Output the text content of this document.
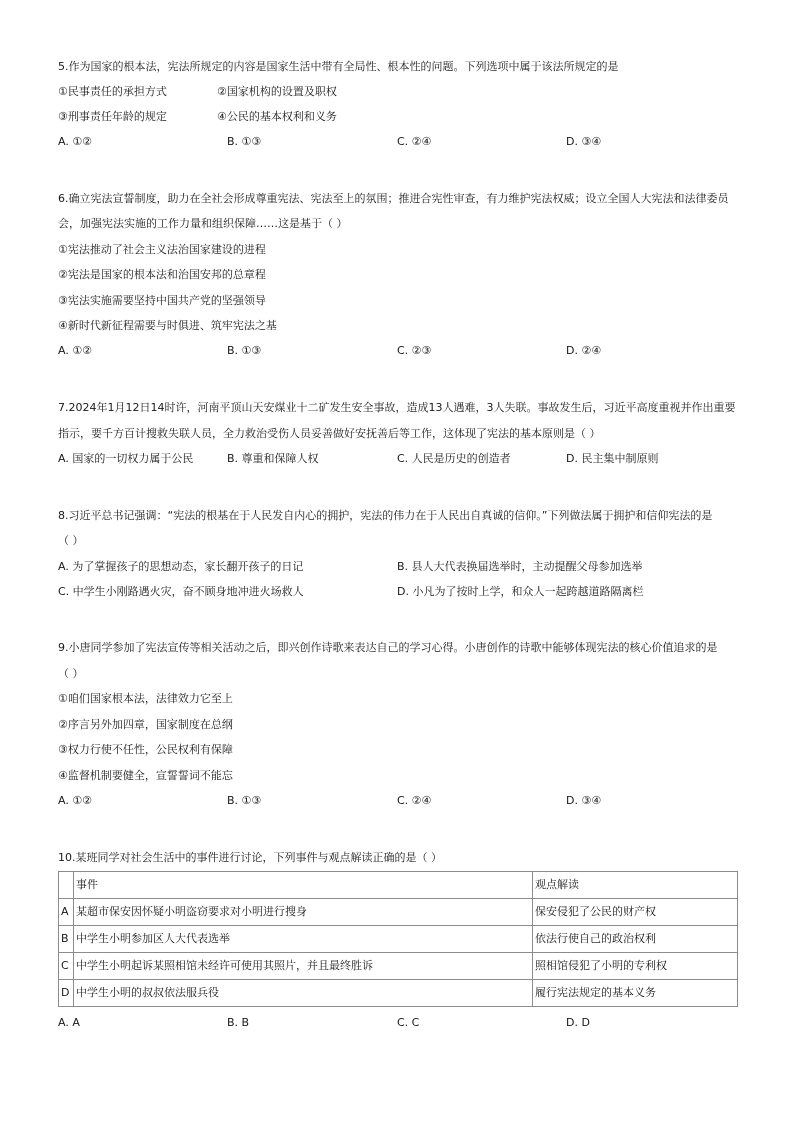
5.作为国家的根本法，宪法所规定的内容是国家生活中带有全局性、根本性的问题。下列选项中属于该法所规定的是
①民事责任的承担方式	②国家机构的设置及职权
③刑事责任年龄的规定	④公民的基本权利和义务
A. ①②	B. ①③	C. ②④	D. ③④
6.确立宪法宣誓制度，助力在全社会形成尊重宪法、宪法至上的氛围；推进合宪性审查，有力维护宪法权威；设立全国人大宪法和法律委员
会，加强宪法实施的工作力量和组织保障……这是基于（ ）
①宪法推动了社会主义法治国家建设的进程
②宪法是国家的根本法和治国安邦的总章程
③宪法实施需要坚持中国共产党的坚强领导
④新时代新征程需要与时俱进、筑牢宪法之基
A. ①②	B. ①③	C. ②③	D. ②④
7.2024年1月12日14时许，河南平顶山天安煤业十二矿发生安全事故，造成13人遇难，3人失联。事故发生后，习近平高度重视并作出重要
指示，要千方百计搜救失联人员，全力救治受伤人员妥善做好安抚善后等工作，这体现了宪法的基本原则是（ ）
A. 国家的一切权力属于公民	B. 尊重和保障人权	C. 人民是历史的创造者	D. 民主集中制原则
8.习近平总书记强调：“宪法的根基在于人民发自内心的拥护，宪法的伟力在于人民出自真诚的信仰。”下列做法属于拥护和信仰宪法的是
（ ）
A. 为了掌握孩子的思想动态，家长翻开孩子的日记	B. 县人大代表换届选举时，主动提醒父母参加选举
C. 中学生小刚路遇火灾，奋不顾身地冲进火场救人	D. 小凡为了按时上学，和众人一起跨越道路隔离栏
9.小唐同学参加了宪法宣传等相关活动之后，即兴创作诗歌来表达自己的学习心得。小唐创作的诗歌中能够体现宪法的核心价值追求的是
（ ）
①咱们国家根本法，法律效力它至上
②序言另外加四章，国家制度在总纲
③权力行使不任性，公民权利有保障
④监督机制要健全，宣誓誓词不能忘
A. ①②	B. ①③	C. ②④	D. ③④
10.某班同学对社会生活中的事件进行讨论，下列事件与观点解读正确的是（ ）
	事件	观点解读
A	某超市保安因怀疑小明盗窃要求对小明进行搜身	保安侵犯了公民的财产权
B	中学生小明参加区人大代表选举	依法行使自己的政治权利
C	中学生小明起诉某照相馆未经许可使用其照片，并且最终胜诉	照相馆侵犯了小明的专利权
D	中学生小明的叔叔依法服兵役	履行宪法规定的基本义务
A. A	B. B	C. C	D. D
